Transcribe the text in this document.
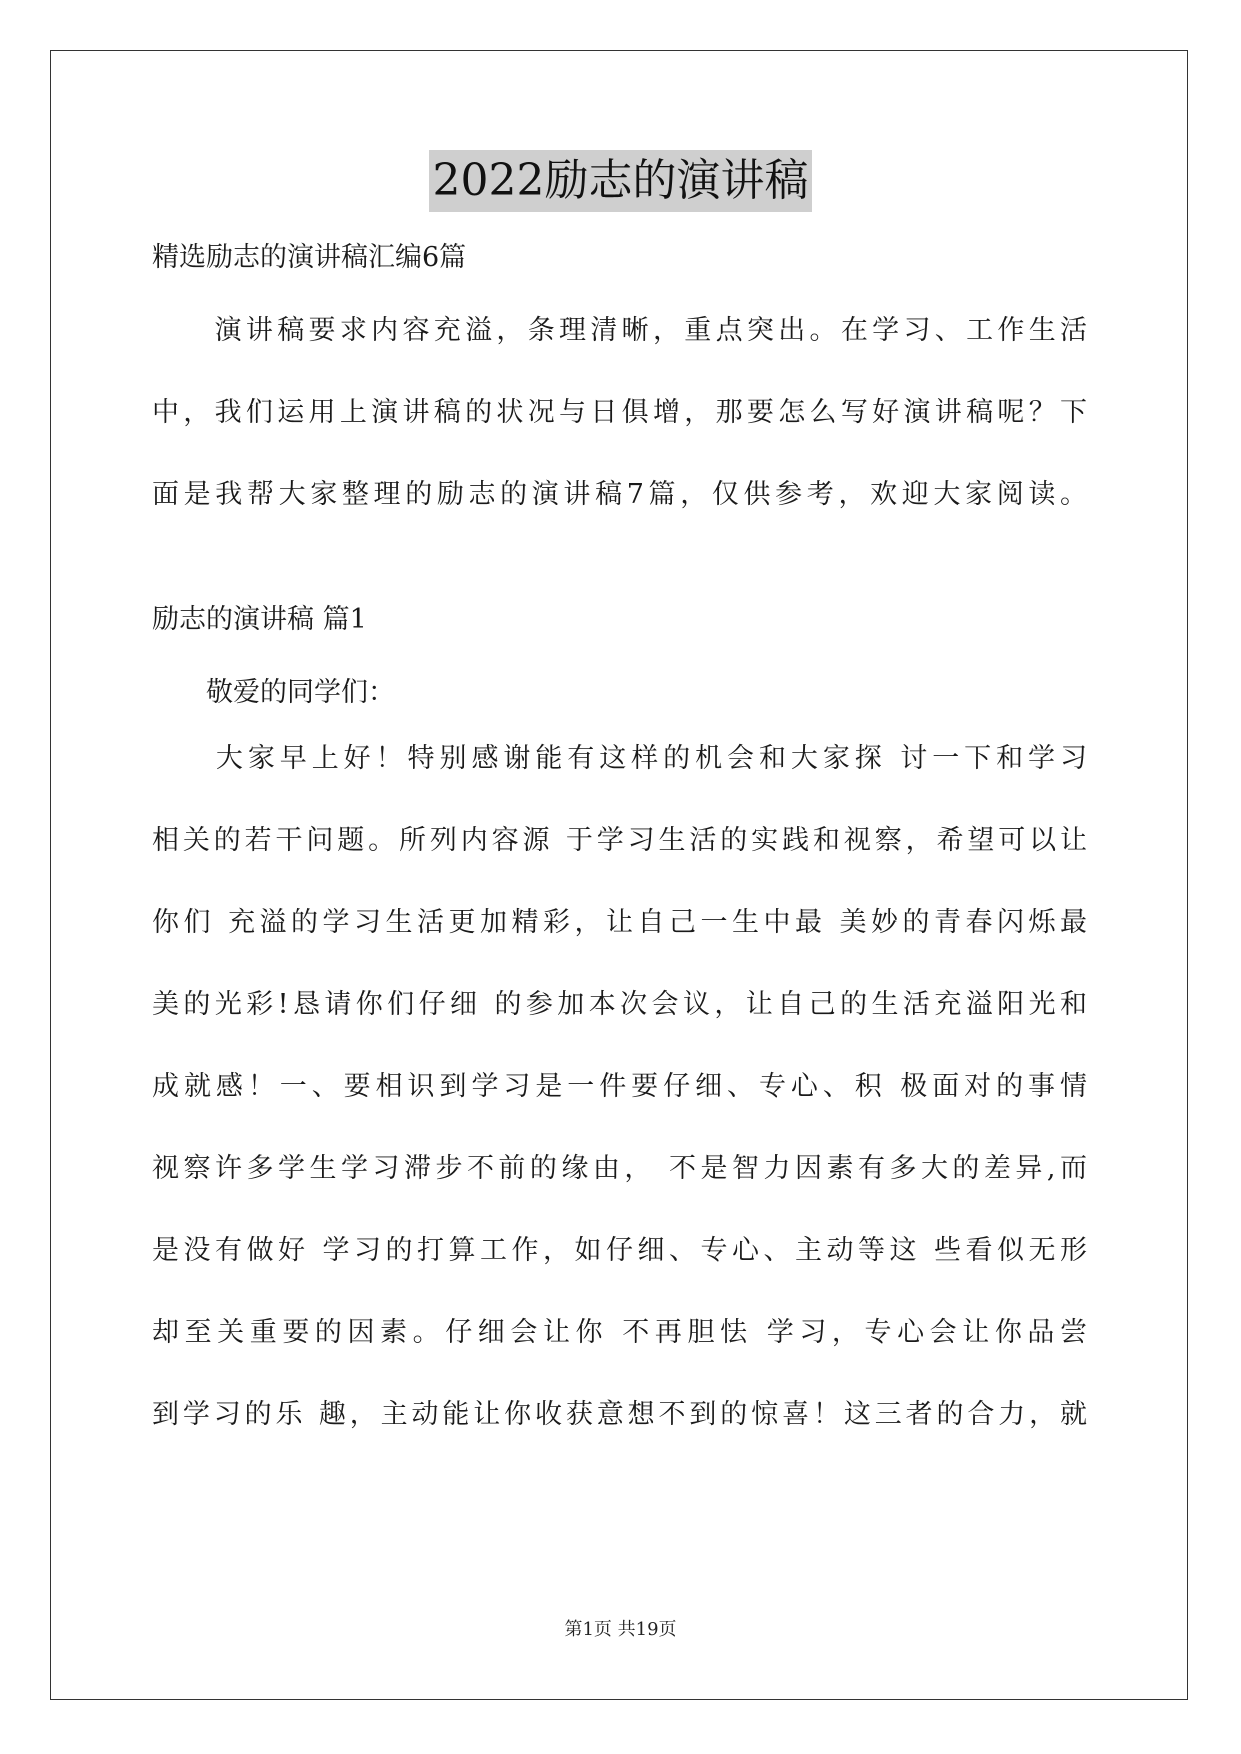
2022励志的演讲稿
精选励志的演讲稿汇编6篇
　　演讲稿要求内容充溢，条理清晰，重点突出。在学习、工作生活
中，我们运用上演讲稿的状况与日俱增，那要怎么写好演讲稿呢？下
面是我帮大家整理的励志的演讲稿7篇，仅供参考，欢迎大家阅读。
励志的演讲稿 篇1
　　敬爱的同学们：
　　大家早上好！特别感谢能有这样的机会和大家探 讨一下和学习
相关的若干问题。所列内容源 于学习生活的实践和视察，希望可以让
你们 充溢的学习生活更加精彩，让自己一生中最 美妙的青春闪烁最
美的光彩!恳请你们仔细 的参加本次会议，让自己的生活充溢阳光和
成就感！一、要相识到学习是一件要仔细、专心、积 极面对的事情
视察许多学生学习滞步不前的缘由， 不是智力因素有多大的差异,而
是没有做好 学习的打算工作，如仔细、专心、主动等这 些看似无形
却至关重要的因素。仔细会让你 不再胆怯 学习，专心会让你品尝
到学习的乐 趣，主动能让你收获意想不到的惊喜！这三者的合力，就
第1页 共19页
